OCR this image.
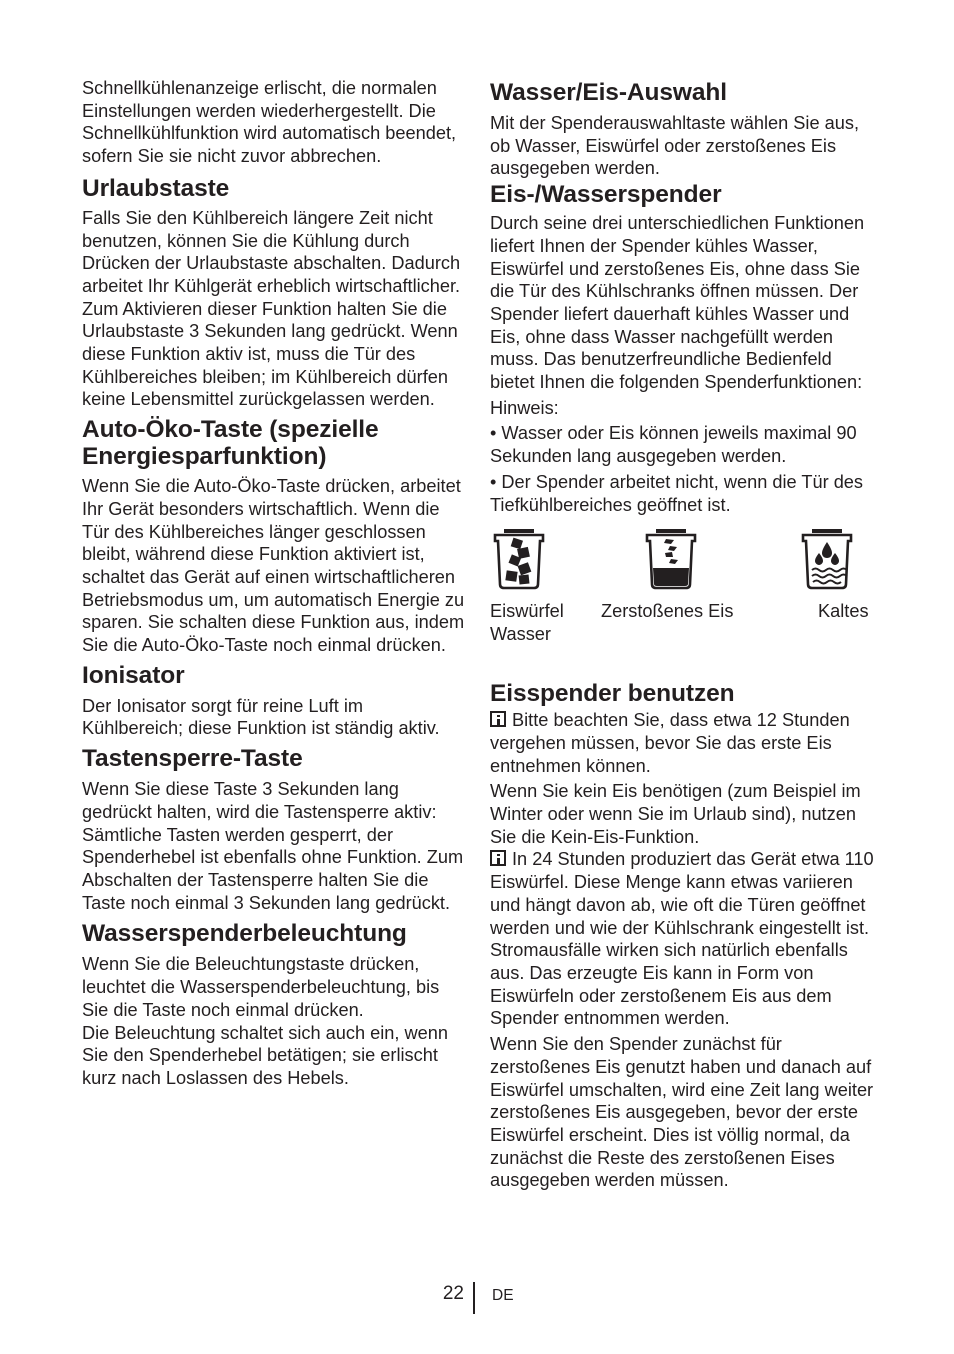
Schnellkühlenanzeige erlischt, die normalen Einstellungen werden wiederhergestellt. Die Schnellkühlfunktion wird automatisch beendet, sofern Sie sie nicht zuvor abbrechen.

Urlaubstaste

Falls Sie den Kühlbereich längere Zeit nicht benutzen, können Sie die Kühlung durch Drücken der Urlaubstaste abschalten. Dadurch arbeitet Ihr Kühlgerät erheblich wirtschaftlicher. Zum Aktivieren dieser Funktion halten Sie die Urlaubstaste 3 Sekunden lang gedrückt. Wenn diese Funktion aktiv ist, muss die Tür des Kühlbereiches bleiben; im Kühlbereich dürfen keine Lebensmittel zurückgelassen werden.

Auto-Öko-Taste (spezielle Energiesparfunktion)

Wenn Sie die Auto-Öko-Taste drücken, arbeitet Ihr Gerät besonders wirtschaftlich. Wenn die Tür des Kühlbereiches länger geschlossen bleibt, während diese Funktion aktiviert ist, schaltet das Gerät auf einen wirtschaftlicheren Betriebsmodus um, um automatisch Energie zu sparen. Sie schalten diese Funktion aus, indem Sie die Auto-Öko-Taste noch einmal drücken.

Ionisator

Der Ionisator sorgt für reine Luft im Kühlbereich; diese Funktion ist ständig aktiv.

Tastensperre-Taste

Wenn Sie diese Taste 3 Sekunden lang gedrückt halten, wird die Tastensperre aktiv: Sämtliche Tasten werden gesperrt, der Spenderhebel ist ebenfalls ohne Funktion. Zum Abschalten der Tastensperre halten Sie die Taste noch einmal 3 Sekunden lang gedrückt.

Wasserspenderbeleuchtung

Wenn Sie die Beleuchtungstaste drücken, leuchtet die Wasserspenderbeleuchtung, bis Sie die Taste noch einmal drücken.

Die Beleuchtung schaltet sich auch ein, wenn Sie den Spenderhebel betätigen; sie erlischt kurz nach Loslassen des Hebels.

Wasser/Eis-Auswahl

Mit der Spenderauswahltaste wählen Sie aus, ob Wasser, Eiswürfel oder zerstoßenes Eis ausgegeben werden.

Eis-/Wasserspender

Durch seine drei unterschiedlichen Funktionen liefert Ihnen der Spender kühles Wasser, Eiswürfel und zerstoßenes Eis, ohne dass Sie die Tür des Kühlschranks öffnen müssen. Der Spender liefert dauerhaft kühles Wasser und Eis, ohne dass Wasser nachgefüllt werden muss. Das benutzerfreundliche Bedienfeld bietet Ihnen die folgenden Spenderfunktionen:

Hinweis:

• Wasser oder Eis können jeweils maximal 90 Sekunden lang ausgegeben werden.

• Der Spender arbeitet nicht, wenn die Tür des Tiefkühlbereiches geöffnet ist.

Eiswürfel Zerstoßenes Eis	Kaltes
Wasser
Eisspender benutzen

Bitte beachten Sie, dass etwa 12 Stunden vergehen müssen, bevor Sie das erste Eis entnehmen können.

Wenn Sie kein Eis benötigen (zum Beispiel im Winter oder wenn Sie im Urlaub sind), nutzen Sie die Kein-Eis-Funktion.

In 24 Stunden produziert das Gerät etwa 110 Eiswürfel. Diese Menge kann etwas variieren und hängt davon ab, wie oft die Türen geöffnet werden und wie der Kühlschrank eingestellt ist. Stromausfälle wirken sich natürlich ebenfalls aus. Das erzeugte Eis kann in Form von Eiswürfeln oder zerstoßenem Eis aus dem Spender entnommen werden.

Wenn Sie den Spender zunächst für zerstoßenes Eis genutzt haben und danach auf Eiswürfel umschalten, wird eine Zeit lang weiter zerstoßenes Eis ausgegeben, bevor der erste Eiswürfel erscheint. Dies ist völlig normal, da zunächst die Reste des zerstoßenen Eises ausgegeben werden müssen.

22 DE
